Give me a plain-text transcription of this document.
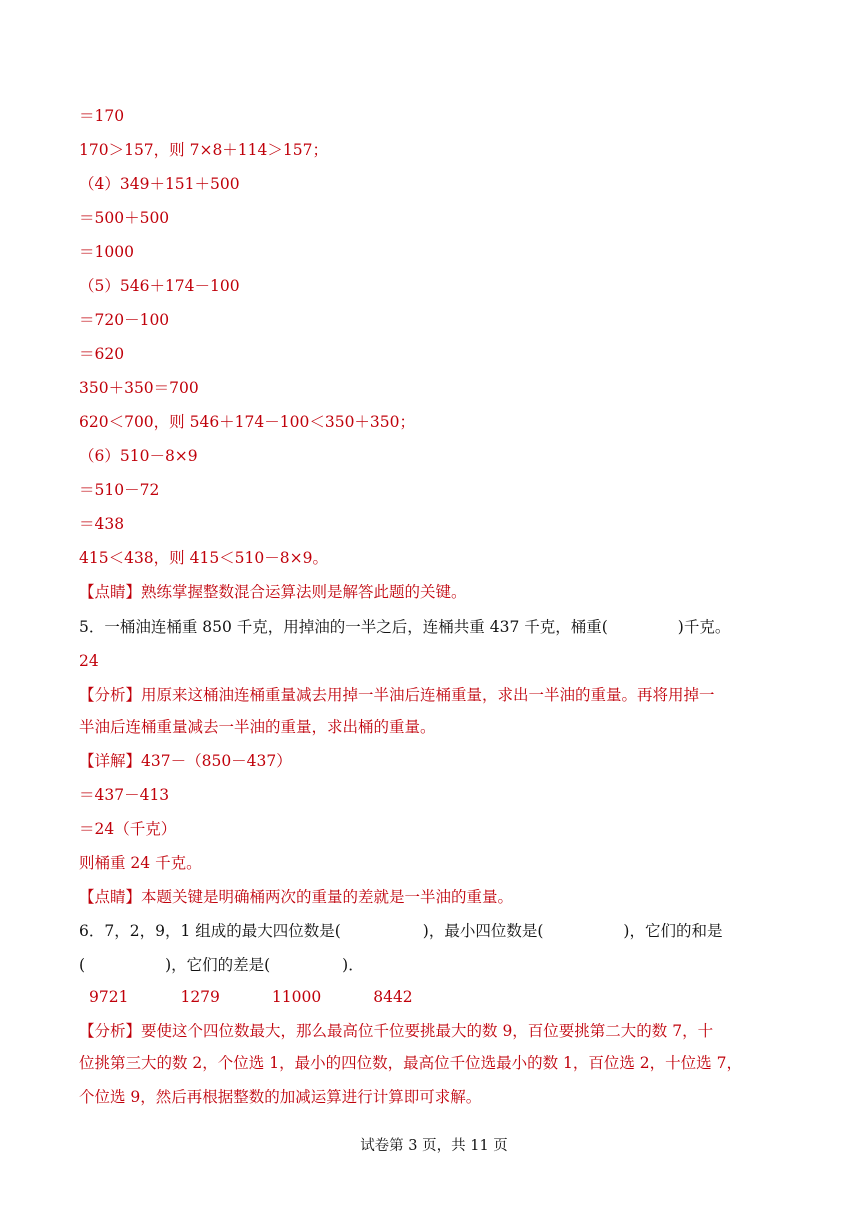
＝170
170＞157，则 7×8＋114＞157；
（4）349＋151＋500
＝500＋500
＝1000
（5）546＋174－100
＝720－100
＝620
350＋350＝700
620＜700，则 546＋174－100＜350＋350；
（6）510－8×9
＝510－72
＝438
415＜438，则 415＜510－8×9。
【点睛】熟练掌握整数混合运算法则是解答此题的关键。
5．一桶油连桶重 850 千克，用掉油的一半之后，连桶共重 437 千克，桶重(	)千克。
24
【分析】用原来这桶油连桶重量减去用掉一半油后连桶重量，求出一半油的重量。再将用掉一
半油后连桶重量减去一半油的重量，求出桶的重量。
【详解】437－（850－437）
＝437－413
＝24（千克）
则桶重 24 千克。
【点睛】本题关键是明确桶两次的重量的差就是一半油的重量。
6．7，2，9，1 组成的最大四位数是(	)，最小四位数是(	)，它们的和是
(	)，它们的差是(	)．
9721	1279	11000	8442
【分析】要使这个四位数最大，那么最高位千位要挑最大的数 9，百位要挑第二大的数 7，十
位挑第三大的数 2，个位选 1，最小的四位数，最高位千位选最小的数 1，百位选 2，十位选 7，
个位选 9，然后再根据整数的加减运算进行计算即可求解。
试卷第 3 页，共 11 页
